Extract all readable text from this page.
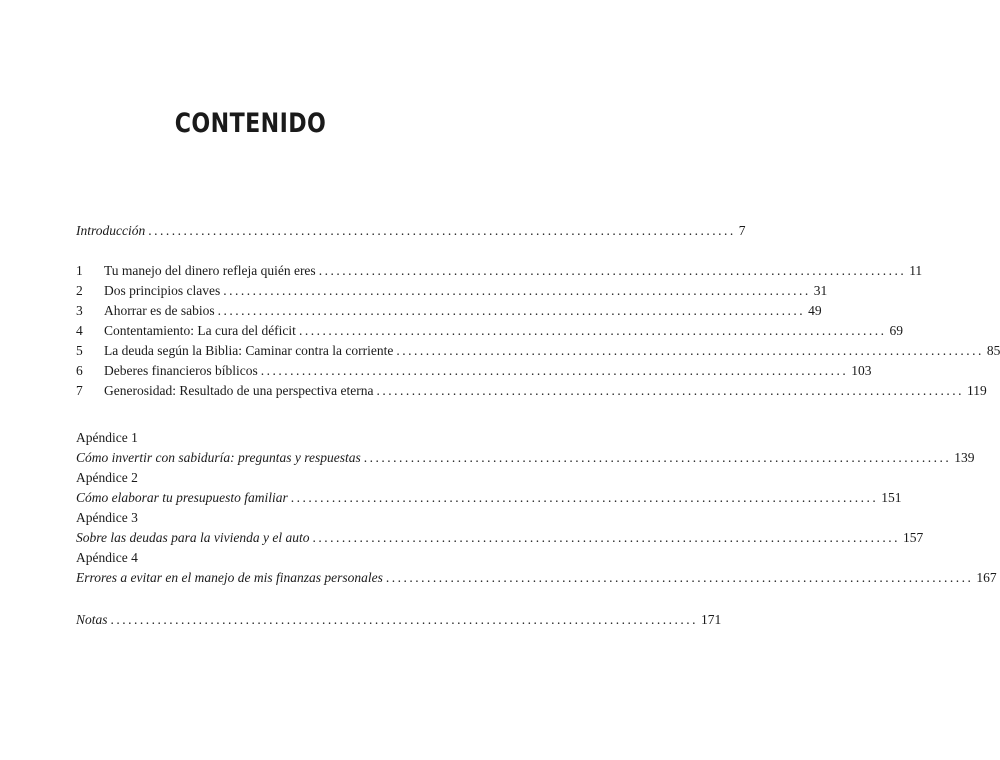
CONTENIDO
Introducción .................................................................................................... 7
1	Tu manejo del dinero refleja quién eres .................................................................................................... 11
2	Dos principios claves .................................................................................................... 31
3	Ahorrar es de sabios .................................................................................................... 49
4	Contentamiento: La cura del déficit .................................................................................................... 69
5	La deuda según la Biblia: Caminar contra la corriente .................................................................................................... 85
6	Deberes financieros bíblicos .................................................................................................... 103
7	Generosidad: Resultado de una perspectiva eterna .................................................................................................... 119
Apéndice 1
Cómo invertir con sabiduría: preguntas y respuestas .................................................................................................... 139
Apéndice 2
Cómo elaborar tu presupuesto familiar .................................................................................................... 151
Apéndice 3
Sobre las deudas para la vivienda y el auto .................................................................................................... 157
Apéndice 4
Errores a evitar en el manejo de mis finanzas personales .................................................................................................... 167
Notas .................................................................................................... 171
